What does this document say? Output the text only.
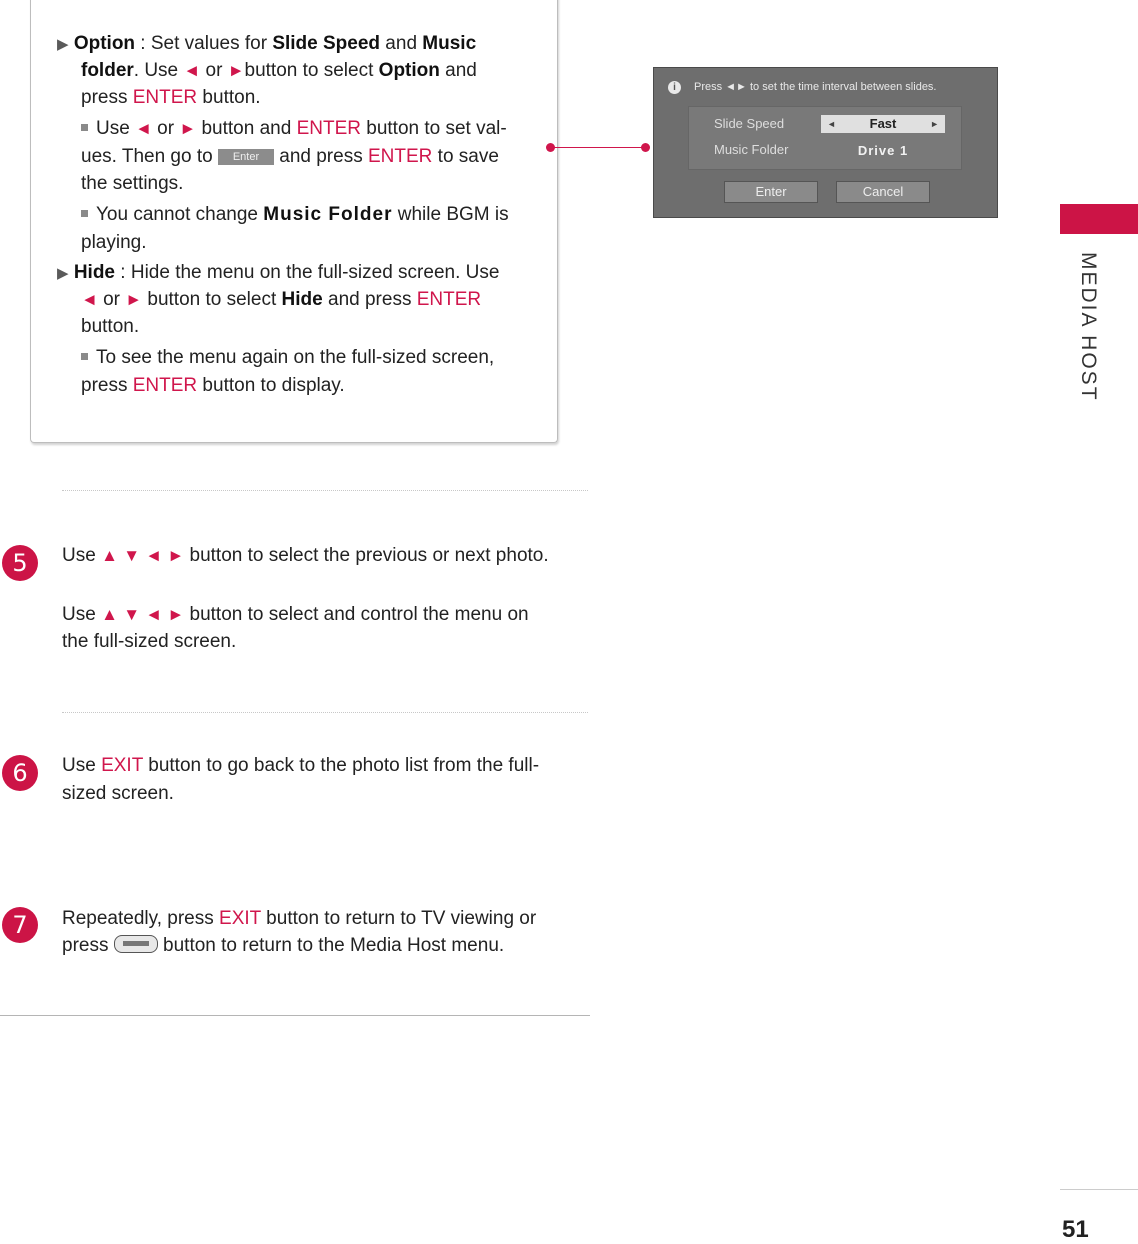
▶ Option : Set values for Slide Speed and Music
folder. Use ◄ or ►button to select Option and
press ENTER button.
Use ◄ or ► button and ENTER button to set val-
ues. Then go to Enter and press ENTER to save
the settings.
You cannot change Music Folder while BGM is
playing.
▶ Hide : Hide the menu on the full-sized screen. Use
◄ or ► button to select Hide and press ENTER
button.
To see the menu again on the full-sized screen,
press ENTER button to display.
i	Press ◄► to set the time interval between slides.
Slide Speed	◄	Fast	►
Music Folder	Drive 1
Enter	Cancel
MEDIA HOST
5	Use ▲ ▼ ◄ ► button to select the previous or next photo.
Use ▲ ▼ ◄ ► button to select and control the menu on
the full-sized screen.
6	Use EXIT button to go back to the photo list from the full-
sized screen.
7	Repeatedly, press EXIT button to return to TV viewing or
press  button to return to the Media Host menu.
51
